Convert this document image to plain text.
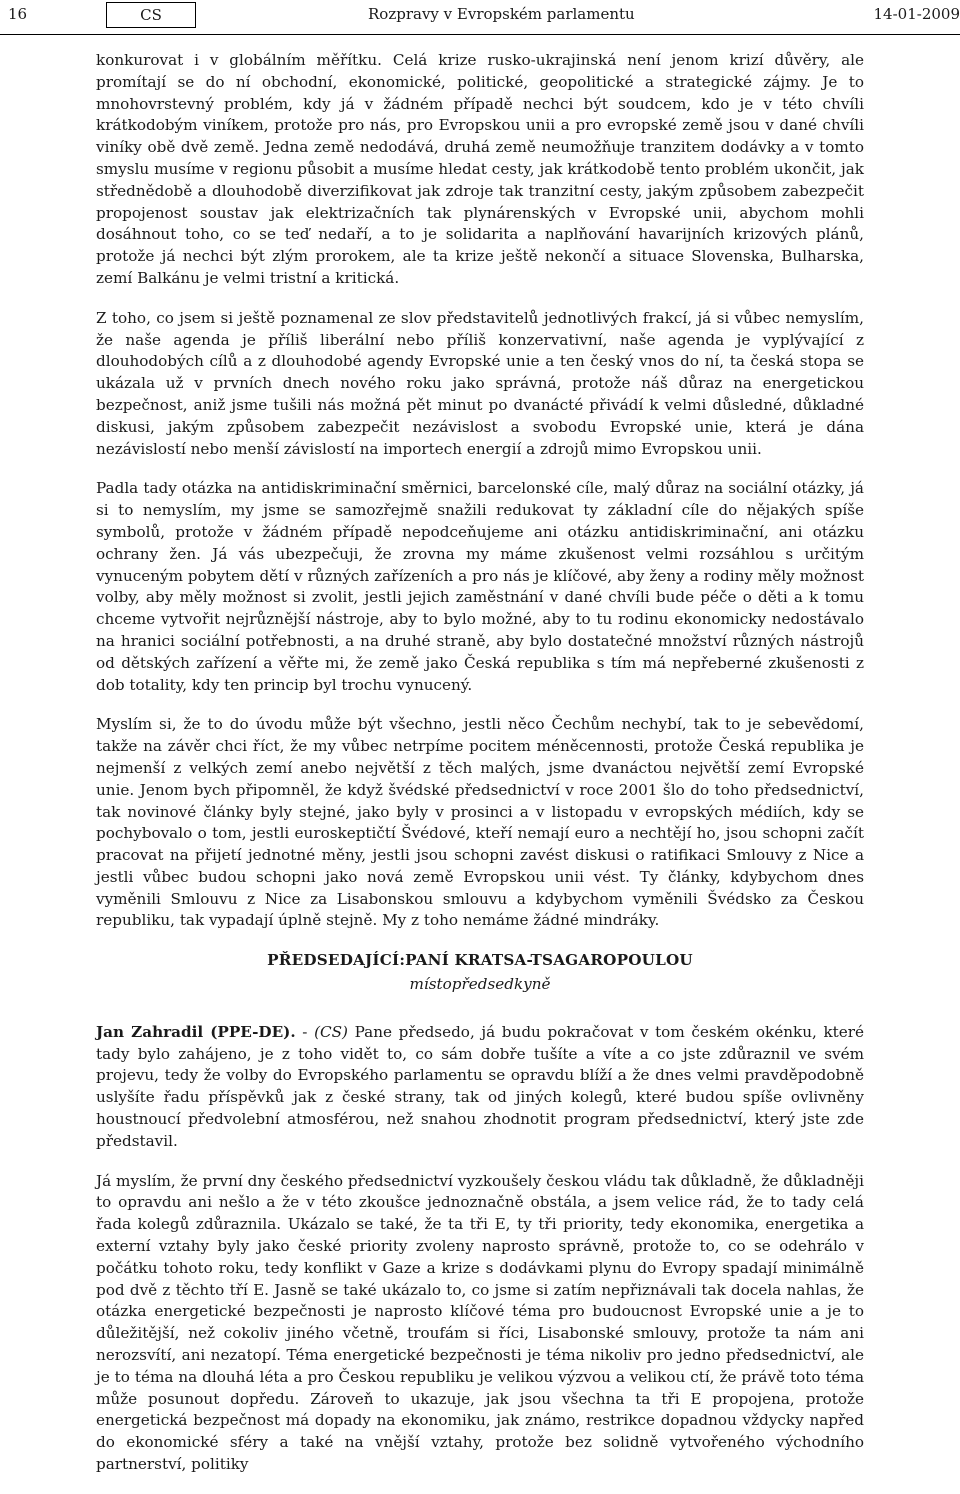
16	CS	Rozpravy v Evropském parlamentu	14-01-2009

konkurovat i v globálním měřítku. Celá krize rusko-ukrajinská není jenom krizí důvěry, ale promítají se do ní obchodní, ekonomické, politické, geopolitické a strategické zájmy. Je to mnohovrstevný problém, kdy já v žádném případě nechci být soudcem, kdo je v této chvíli krátkodobým viníkem, protože pro nás, pro Evropskou unii a pro evropské země jsou v dané chvíli viníky obě dvě země. Jedna země nedodává, druhá země neumožňuje tranzitem dodávky a v tomto smyslu musíme v regionu působit a musíme hledat cesty, jak krátkodobě tento problém ukončit, jak střednědobě a dlouhodobě diverzifikovat jak zdroje tak tranzitní cesty, jakým způsobem zabezpečit propojenost soustav jak elektrizačních tak plynárenských v Evropské unii, abychom mohli dosáhnout toho, co se teď nedaří, a to je solidarita a naplňování havarijních krizových plánů, protože já nechci být zlým prorokem, ale ta krize ještě nekončí a situace Slovenska, Bulharska, zemí Balkánu je velmi tristní a kritická.

Z toho, co jsem si ještě poznamenal ze slov představitelů jednotlivých frakcí, já si vůbec nemyslím, že naše agenda je příliš liberální nebo příliš konzervativní, naše agenda je vyplývající z dlouhodobých cílů a z dlouhodobé agendy Evropské unie a ten český vnos do ní, ta česká stopa se ukázala už v prvních dnech nového roku jako správná, protože náš důraz na energetickou bezpečnost, aniž jsme tušili nás možná pět minut po dvanácté přivádí k velmi důsledné, důkladné diskusi, jakým způsobem zabezpečit nezávislost a svobodu Evropské unie, která je dána nezávislostí nebo menší závislostí na importech energií a zdrojů mimo Evropskou unii.

Padla tady otázka na antidiskriminační směrnici, barcelonské cíle, malý důraz na sociální otázky, já si to nemyslím, my jsme se samozřejmě snažili redukovat ty základní cíle do nějakých spíše symbolů, protože v žádném případě nepodceňujeme ani otázku antidiskriminační, ani otázku ochrany žen. Já vás ubezpečuji, že zrovna my máme zkušenost velmi rozsáhlou s určitým vynuceným pobytem dětí v různých zařízeních a pro nás je klíčové, aby ženy a rodiny měly možnost volby, aby měly možnost si zvolit, jestli jejich zaměstnání v dané chvíli bude péče o děti a k tomu chceme vytvořit nejrůznější nástroje, aby to bylo možné, aby to tu rodinu ekonomicky nedostávalo na hranici sociální potřebnosti, a na druhé straně, aby bylo dostatečné množství různých nástrojů od dětských zařízení a věřte mi, že země jako Česká republika s tím má nepřeberné zkušenosti z dob totality, kdy ten princip byl trochu vynucený.

Myslím si, že to do úvodu může být všechno, jestli něco Čechům nechybí, tak to je sebevědomí, takže na závěr chci říct, že my vůbec netrpíme pocitem méněcennosti, protože Česká republika je nejmenší z velkých zemí anebo největší z těch malých, jsme dvanáctou největší zemí Evropské unie. Jenom bych připomněl, že když švédské předsednictví v roce 2001 šlo do toho předsednictví, tak novinové články byly stejné, jako byly v prosinci a v listopadu v evropských médiích, kdy se pochybovalo o tom, jestli euroskeptičtí Švédové, kteří nemají euro a nechtějí ho, jsou schopni začít pracovat na přijetí jednotné měny, jestli jsou schopni zavést diskusi o ratifikaci Smlouvy z Nice a jestli vůbec budou schopni jako nová země Evropskou unii vést. Ty články, kdybychom dnes vyměnili Smlouvu z Nice za Lisabonskou smlouvu a kdybychom vyměnili Švédsko za Českou republiku, tak vypadají úplně stejně. My z toho nemáme žádné mindráky.

PŘEDSEDAJÍCÍ:PANÍ KRATSA-TSAGAROPOULOU

místopředsedkyně

Jan Zahradil (PPE-DE). - (CS) Pane předsedo, já budu pokračovat v tom českém okénku, které tady bylo zahájeno, je z toho vidět to, co sám dobře tušíte a víte a co jste zdůraznil ve svém projevu, tedy že volby do Evropského parlamentu se opravdu blíží a že dnes velmi pravděpodobně uslyšíte řadu příspěvků jak z české strany, tak od jiných kolegů, které budou spíše ovlivněny houstnoucí předvolební atmosférou, než snahou zhodnotit program předsednictví, který jste zde představil.

Já myslím, že první dny českého předsednictví vyzkoušely českou vládu tak důkladně, že důkladněji to opravdu ani nešlo a že v této zkoušce jednoznačně obstála, a jsem velice rád, že to tady celá řada kolegů zdůraznila. Ukázalo se také, že ta tři E, ty tři priority, tedy ekonomika, energetika a externí vztahy byly jako české priority zvoleny naprosto správně, protože to, co se odehrálo v počátku tohoto roku, tedy konflikt v Gaze a krize s dodávkami plynu do Evropy spadají minimálně pod dvě z těchto tří E. Jasně se také ukázalo to, co jsme si zatím nepřiznávali tak docela nahlas, že otázka energetické bezpečnosti je naprosto klíčové téma pro budoucnost Evropské unie a je to důležitější, než cokoliv jiného včetně, troufám si říci, Lisabonské smlouvy, protože ta nám ani nerozsvítí, ani nezatopí. Téma energetické bezpečnosti je téma nikoliv pro jedno předsednictví, ale je to téma na dlouhá léta a pro Českou republiku je velikou výzvou a velikou ctí, že právě toto téma může posunout dopředu. Zároveň to ukazuje, jak jsou všechna ta tři E propojena, protože energetická bezpečnost má dopady na ekonomiku, jak známo, restrikce dopadnou vždycky napřed do ekonomické sféry a také na vnější vztahy, protože bez solidně vytvořeného východního partnerství, politiky
